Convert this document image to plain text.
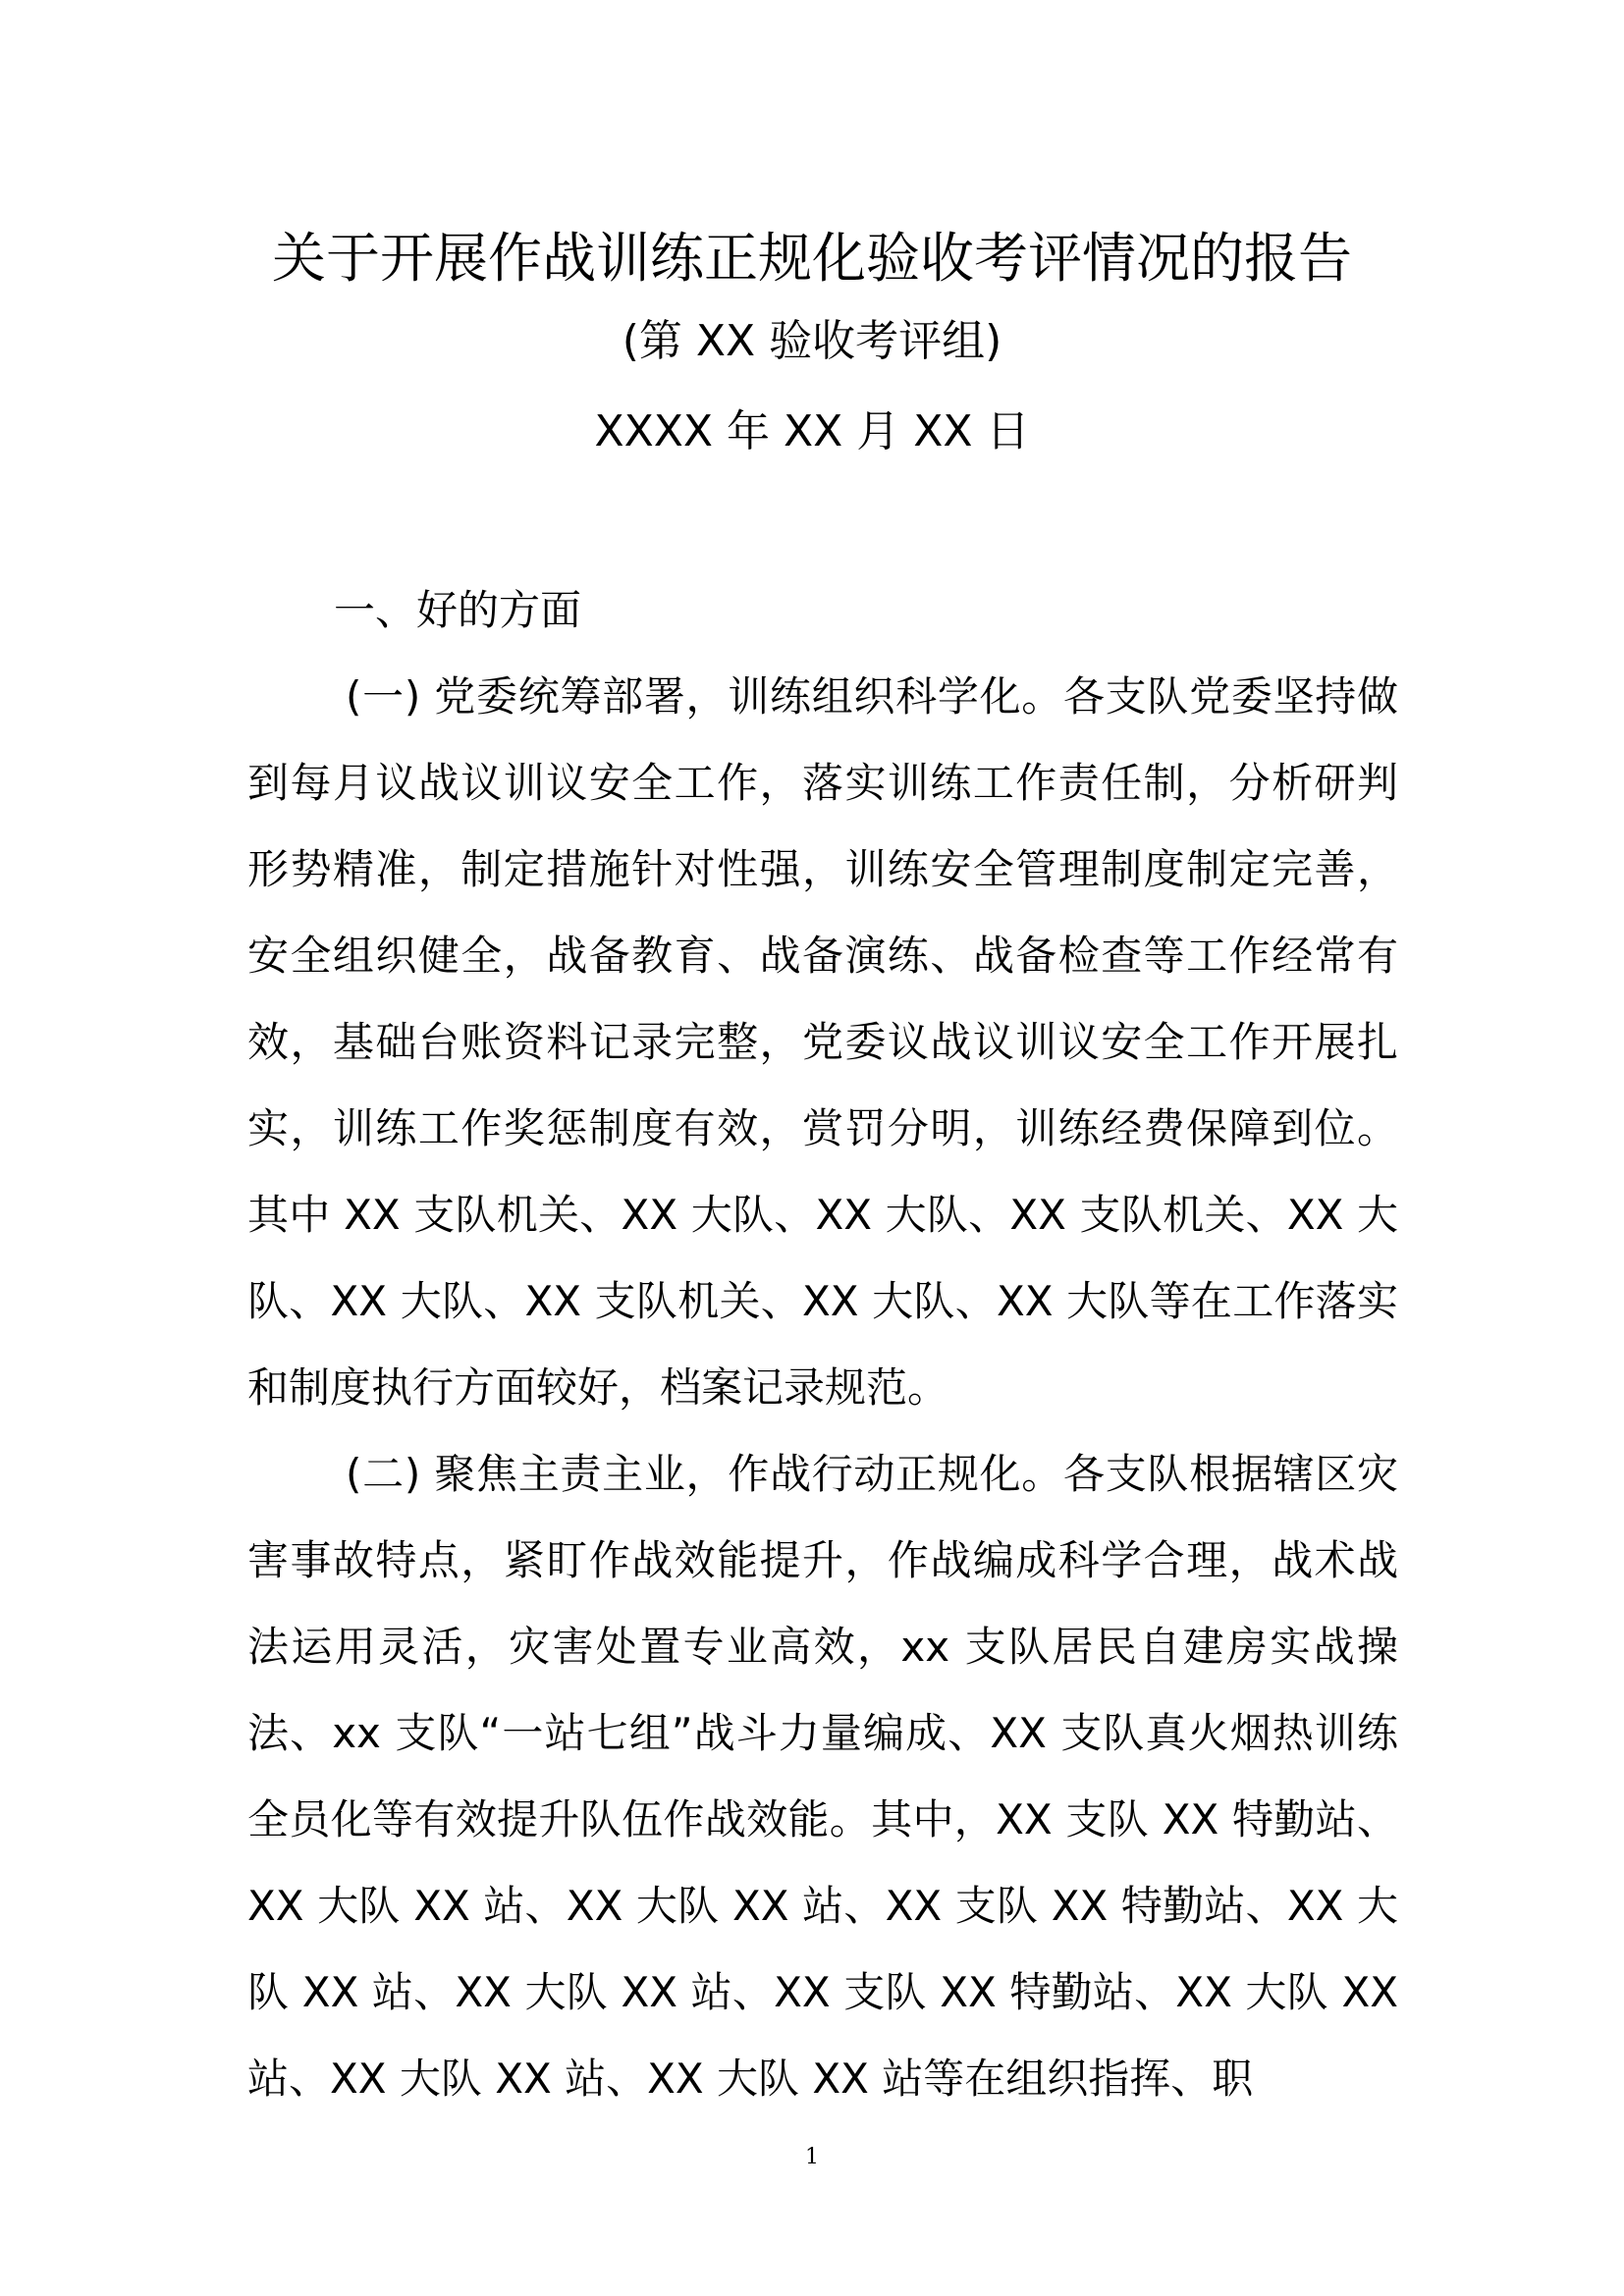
关于开展作战训练正规化验收考评情况的报告
(第 XX 验收考评组)
XXXX 年 XX 月 XX 日

一、好的方面

(一) 党委统筹部署，训练组织科学化。各支队党委坚持做到每月议战议训议安全工作，落实训练工作责任制，分析研判形势精准，制定措施针对性强，训练安全管理制度制定完善，安全组织健全，战备教育、战备演练、战备检查等工作经常有效，基础台账资料记录完整，党委议战议训议安全工作开展扎实，训练工作奖惩制度有效，赏罚分明，训练经费保障到位。其中 XX 支队机关、XX 大队、XX 大队、XX 支队机关、XX 大队、XX 大队、XX 支队机关、XX 大队、XX 大队等在工作落实和制度执行方面较好，档案记录规范。

(二) 聚焦主责主业，作战行动正规化。各支队根据辖区灾害事故特点，紧盯作战效能提升，作战编成科学合理，战术战法运用灵活，灾害处置专业高效，xx 支队居民自建房实战操法、xx 支队“一站七组”战斗力量编成、XX 支队真火烟热训练全员化等有效提升队伍作战效能。其中，XX 支队 XX 特勤站、XX 大队 XX 站、XX 大队 XX 站、XX 支队 XX 特勤站、XX 大队 XX 站、XX 大队 XX 站、XX 支队 XX 特勤站、XX 大队 XX 站、XX 大队 XX 站、XX 大队 XX 站等在组织指挥、职

1
